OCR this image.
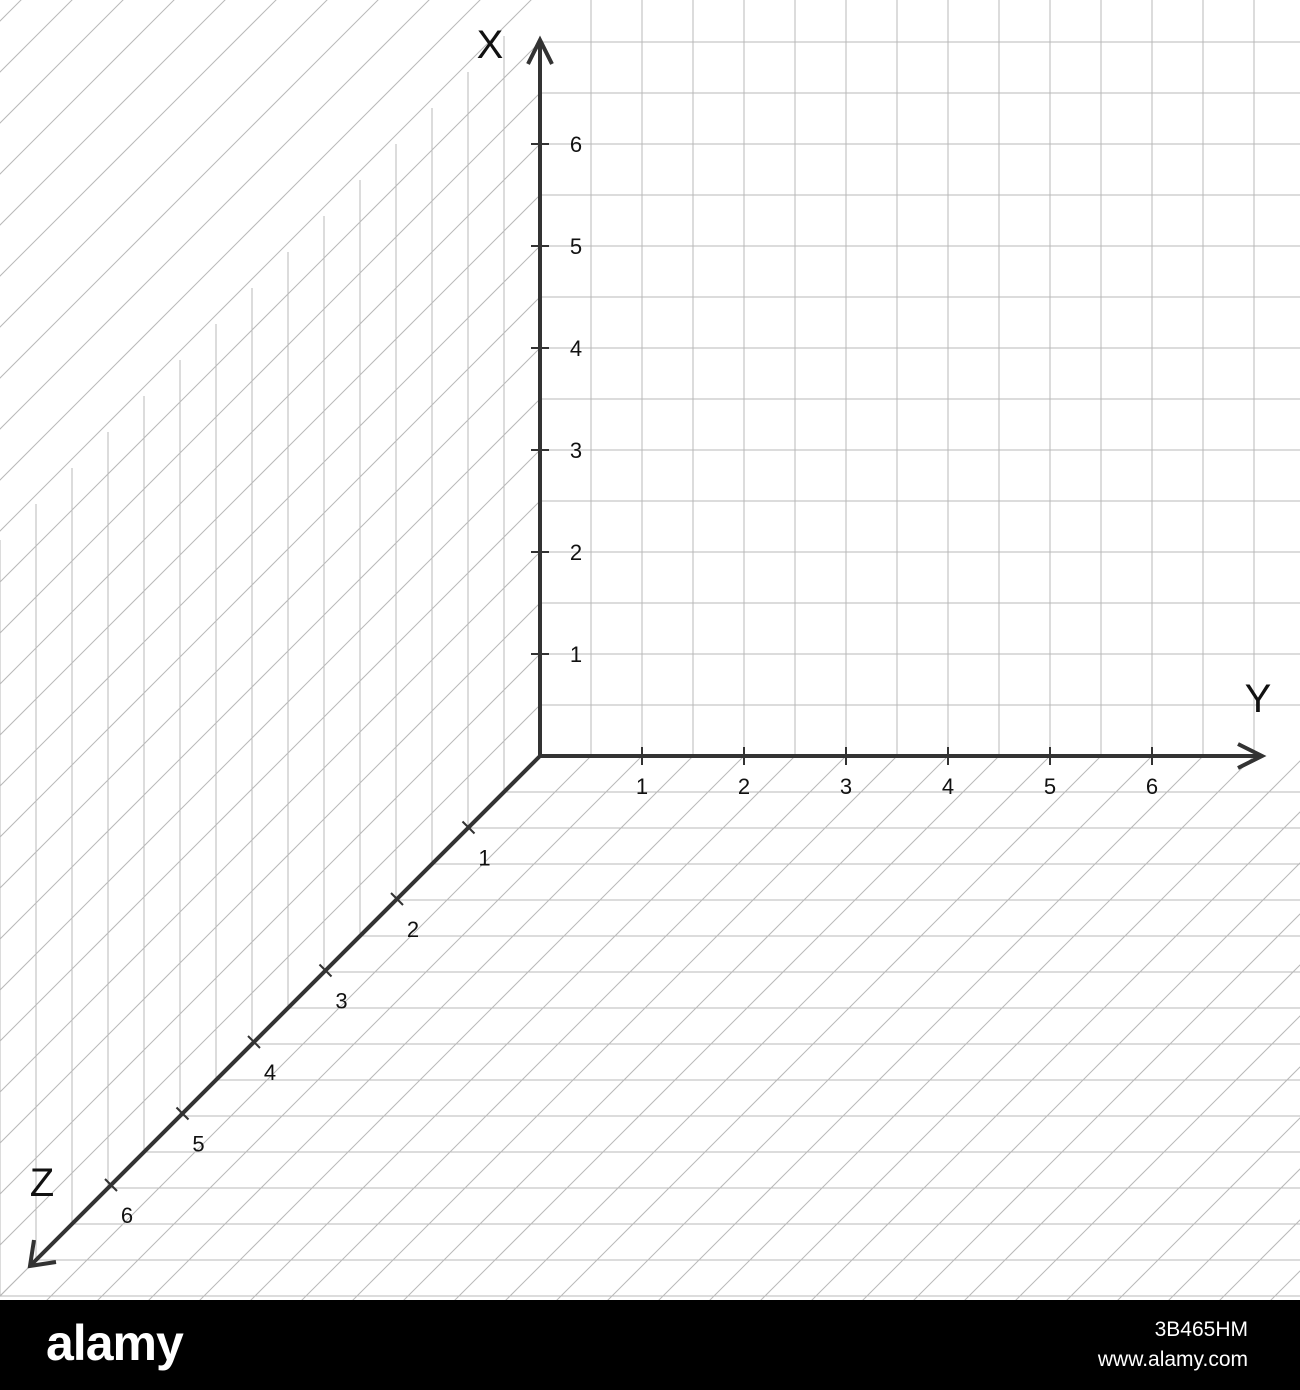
1
2
3
4
5
6
1	2	3	4	5	6
1
2
3
4
5
6
X
Y
Z
alamy	3B465HM
www.alamy.com
